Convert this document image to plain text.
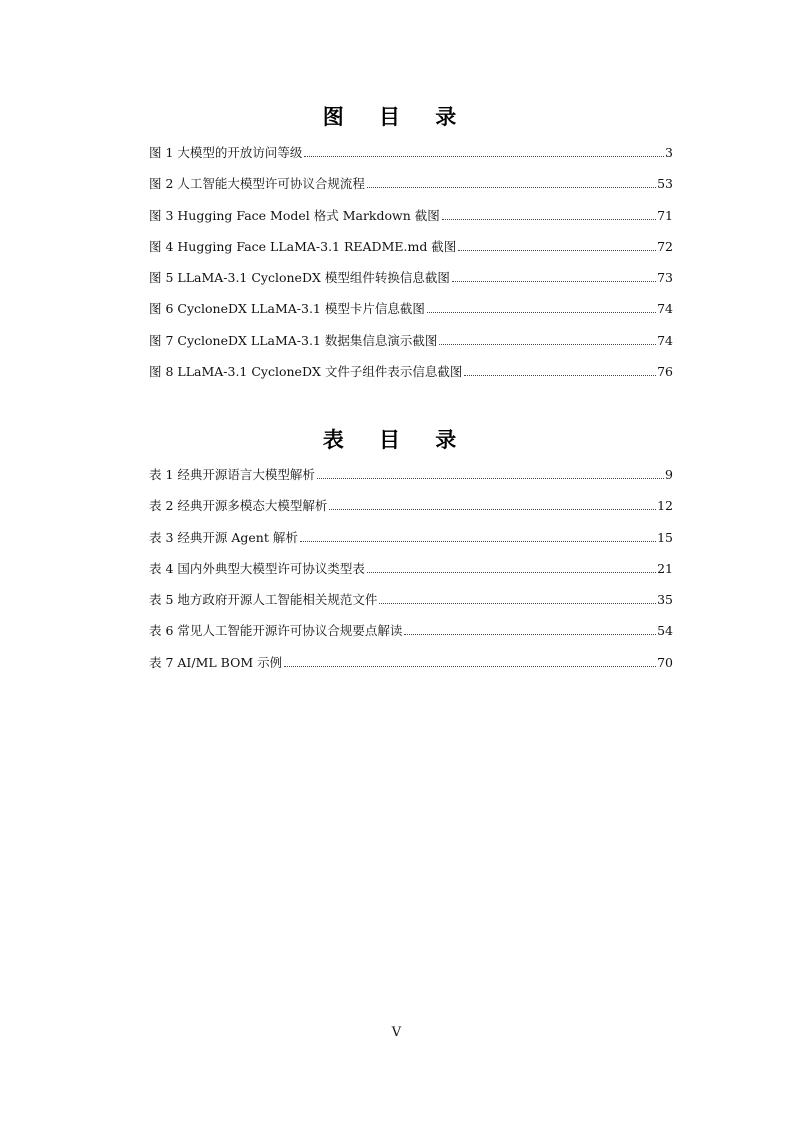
图 目 录
图 1 大模型的开放访问等级	3
图 2 人工智能大模型许可协议合规流程	53
图 3 Hugging Face Model 格式 Markdown 截图	71
图 4 Hugging Face LLaMA-3.1 README.md 截图	72
图 5 LLaMA-3.1 CycloneDX 模型组件转换信息截图	73
图 6 CycloneDX LLaMA-3.1 模型卡片信息截图	74
图 7 CycloneDX LLaMA-3.1 数据集信息演示截图	74
图 8 LLaMA-3.1 CycloneDX 文件子组件表示信息截图	76
表 目 录
表 1 经典开源语言大模型解析	9
表 2 经典开源多模态大模型解析	12
表 3 经典开源 Agent 解析	15
表 4 国内外典型大模型许可协议类型表	21
表 5 地方政府开源人工智能相关规范文件	35
表 6 常见人工智能开源许可协议合规要点解读	54
表 7 AI/ML BOM 示例	70
V
